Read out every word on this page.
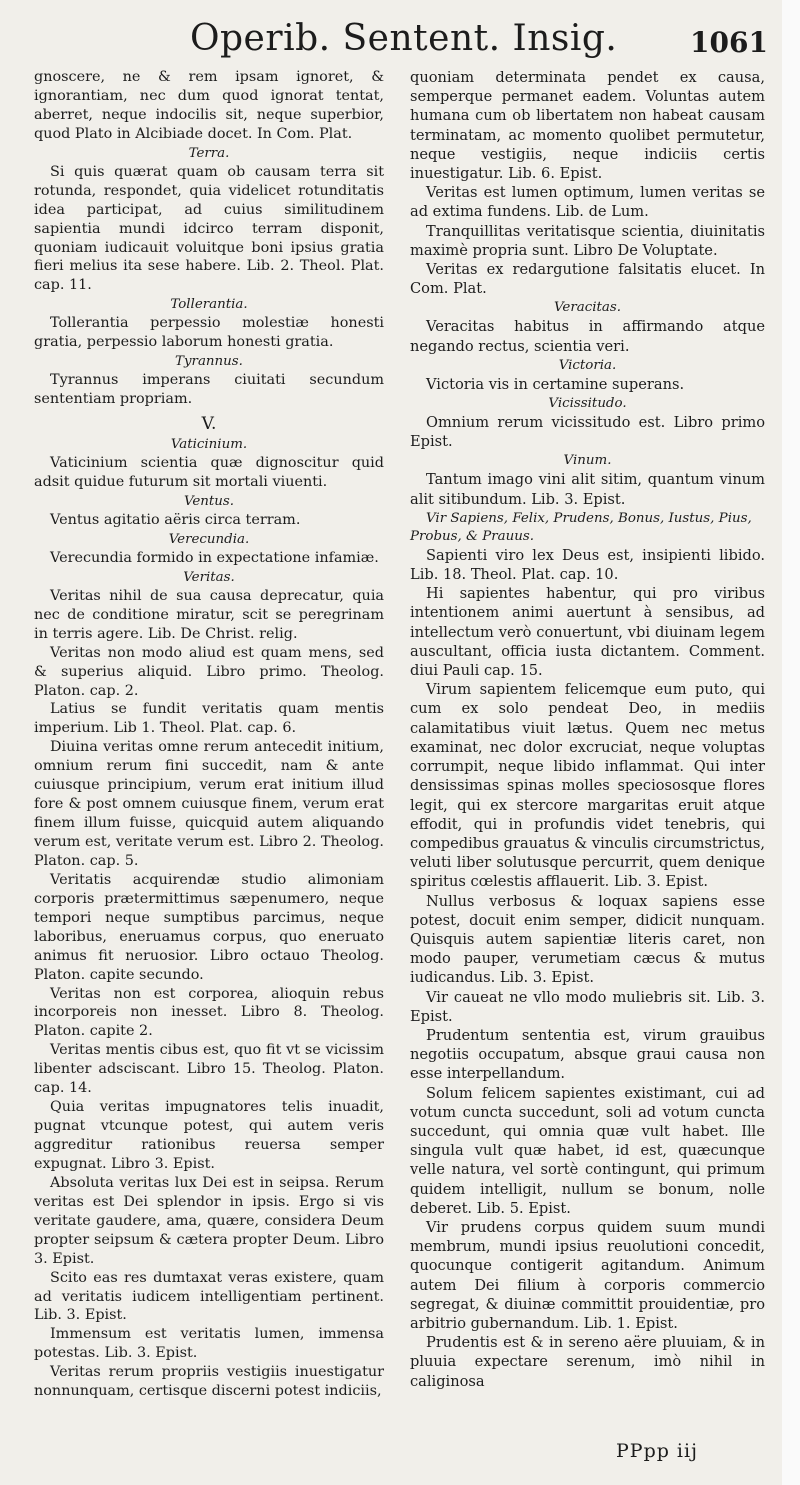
Operib. Sentent. Insig.	1061

gnoscere, ne & rem ipsam ignoret, & ignorantiam, nec dum quod ignorat tentat, aberret, neque indocilis sit, neque superbior, quod Plato in Alcibiade docet. In Com. Plat.

Terra.

Si quis quærat quam ob causam terra sit rotunda, respondet, quia videlicet rotunditatis idea participat, ad cuius similitudinem sapientia mundi idcirco terram disponit, quoniam iudicauit voluitque boni ipsius gratia fieri melius ita sese habere. Lib. 2. Theol. Plat. cap. 11.

Tollerantia.

Tollerantia perpessio molestiæ honesti gratia, perpessio laborum honesti gratia.

Tyrannus.

Tyrannus imperans ciuitati secundum sententiam propriam.

V.
Vaticinium.

Vaticinium scientia quæ dignoscitur quid adsit quidue futurum sit mortali viuenti.

Ventus.

Ventus agitatio aëris circa terram.

Verecundia.

Verecundia formido in expectatione infamiæ.

Veritas.

Veritas nihil de sua causa deprecatur, quia nec de conditione miratur, scit se peregrinam in terris agere. Lib. De Christ. relig.

Veritas non modo aliud est quam mens, sed & superius aliquid. Libro primo. Theolog. Platon. cap. 2.

Latius se fundit veritatis quam mentis imperium. Lib 1. Theol. Plat. cap. 6.

Diuina veritas omne rerum antecedit initium, omnium rerum fini succedit, nam & ante cuiusque principium, verum erat initium illud fore & post omnem cuiusque finem, verum erat finem illum fuisse, quicquid autem aliquando verum est, veritate verum est. Libro 2. Theolog. Platon. cap. 5.

Veritatis acquirendæ studio alimoniam corporis prætermittimus sæpenumero, neque tempori neque sumptibus parcimus, neque laboribus, eneruamus corpus, quo eneruato animus fit neruosior. Libro octauo Theolog. Platon. capite secundo.

Veritas non est corporea, alioquin rebus incorporeis non inesset. Libro 8. Theolog. Platon. capite 2.

Veritas mentis cibus est, quo fit vt se vicissim libenter adsciscant. Libro 15. Theolog. Platon. cap. 14.

Quia veritas impugnatores telis inuadit, pugnat vtcunque potest, qui autem veris aggreditur rationibus reuersa semper expugnat. Libro 3. Epist.

Absoluta veritas lux Dei est in seipsa. Rerum veritas est Dei splendor in ipsis. Ergo si vis veritate gaudere, ama, quære, considera Deum propter seipsum & cætera propter Deum. Libro 3. Epist.

Scito eas res dumtaxat veras existere, quam ad veritatis iudicem intelligentiam pertinent. Lib. 3. Epist.

Immensum est veritatis lumen, immensa potestas. Lib. 3. Epist.

Veritas rerum propriis vestigiis inuestigatur nonnunquam, certisque discerni potest indiciis,

quoniam determinata pendet ex causa, semperque permanet eadem. Voluntas autem humana cum ob libertatem non habeat causam terminatam, ac momento quolibet permutetur, neque vestigiis, neque indiciis certis inuestigatur. Lib. 6. Epist.

Veritas est lumen optimum, lumen veritas se ad extima fundens. Lib. de Lum.

Tranquillitas veritatisque scientia, diuinitatis maximè propria sunt. Libro De Voluptate.

Veritas ex redargutione falsitatis elucet. In Com. Plat.

Veracitas.

Veracitas habitus in affirmando atque negando rectus, scientia veri.

Victoria.

Victoria vis in certamine superans.

Vicissitudo.

Omnium rerum vicissitudo est. Libro primo Epist.

Vinum.

Tantum imago vini alit sitim, quantum vinum alit sitibundum. Lib. 3. Epist.

Vir Sapiens, Felix, Prudens, Bonus, Iustus, Pius, Probus, & Prauus.

Sapienti viro lex Deus est, insipienti libido. Lib. 18. Theol. Plat. cap. 10.

Hi sapientes habentur, qui pro viribus intentionem animi auertunt à sensibus, ad intellectum verò conuertunt, vbi diuinam legem auscultant, officia iusta dictantem. Comment. diui Pauli cap. 15.

Virum sapientem felicemque eum puto, qui cum ex solo pendeat Deo, in mediis calamitatibus viuit lætus. Quem nec metus examinat, nec dolor excruciat, neque voluptas corrumpit, neque libido inflammat. Qui inter densissimas spinas molles speciososque flores legit, qui ex stercore margaritas eruit atque effodit, qui in profundis videt tenebris, qui compedibus grauatus & vinculis circumstrictus, veluti liber solutusque percurrit, quem denique spiritus cœlestis afflauerit. Lib. 3. Epist.

Nullus verbosus & loquax sapiens esse potest, docuit enim semper, didicit nunquam. Quisquis autem sapientiæ literis caret, non modo pauper, verumetiam cæcus & mutus iudicandus. Lib. 3. Epist.

Vir caueat ne vllo modo muliebris sit. Lib. 3. Epist.

Prudentum sententia est, virum grauibus negotiis occupatum, absque graui causa non esse interpellandum.

Solum felicem sapientes existimant, cui ad votum cuncta succedunt, soli ad votum cuncta succedunt, qui omnia quæ vult habet. Ille singula vult quæ habet, id est, quæcunque velle natura, vel sortè contingunt, qui primum quidem intelligit, nullum se bonum, nolle deberet. Lib. 5. Epist.

Vir prudens corpus quidem suum mundi membrum, mundi ipsius reuolutioni concedit, quocunque contigerit agitandum. Animum autem Dei filium à corporis commercio segregat, & diuinæ committit prouidentiæ, pro arbitrio gubernandum. Lib. 1. Epist.

Prudentis est & in sereno aëre pluuiam, & in pluuia expectare serenum, imò nihil in caliginosa

PPpp iij
